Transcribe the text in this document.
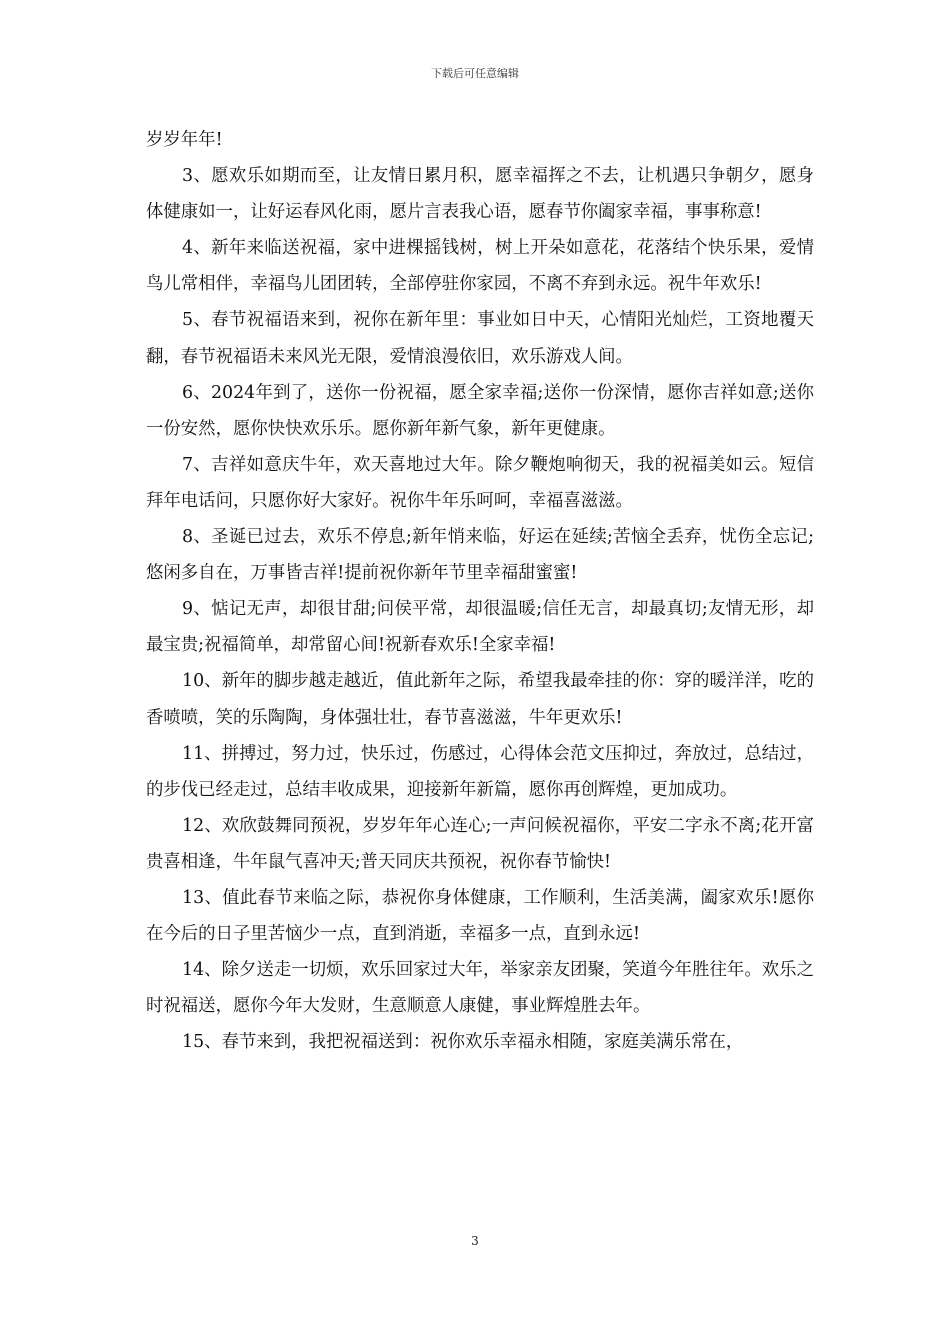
下载后可任意编辑

岁岁年年!

3、愿欢乐如期而至，让友情日累月积，愿幸福挥之不去，让机遇只争朝夕，愿身体健康如一，让好运春风化雨，愿片言表我心语，愿春节你阖家幸福，事事称意!

4、新年来临送祝福，家中进棵摇钱树，树上开朵如意花，花落结个快乐果，爱情鸟儿常相伴，幸福鸟儿团团转，全部停驻你家园，不离不弃到永远。祝牛年欢乐!

5、春节祝福语来到，祝你在新年里：事业如日中天，心情阳光灿烂，工资地覆天翻，春节祝福语未来风光无限，爱情浪漫依旧，欢乐游戏人间。

6、2024年到了，送你一份祝福，愿全家幸福;送你一份深情，愿你吉祥如意;送你一份安然，愿你快快欢乐乐。愿你新年新气象，新年更健康。

7、吉祥如意庆牛年，欢天喜地过大年。除夕鞭炮响彻天，我的祝福美如云。短信拜年电话问，只愿你好大家好。祝你牛年乐呵呵，幸福喜滋滋。

8、圣诞已过去，欢乐不停息;新年悄来临，好运在延续;苦恼全丢弃，忧伤全忘记;悠闲多自在，万事皆吉祥!提前祝你新年节里幸福甜蜜蜜!

9、惦记无声，却很甘甜;问侯平常，却很温暖;信任无言，却最真切;友情无形，却最宝贵;祝福简单，却常留心间!祝新春欢乐!全家幸福!

10、新年的脚步越走越近，值此新年之际，希望我最牵挂的你：穿的暖洋洋，吃的香喷喷，笑的乐陶陶，身体强壮壮，春节喜滋滋，牛年更欢乐!

11、拼搏过，努力过，快乐过，伤感过，心得体会范文压抑过，奔放过，总结过，的步伐已经走过，总结丰收成果，迎接新年新篇，愿你再创辉煌，更加成功。

12、欢欣鼓舞同预祝，岁岁年年心连心;一声问候祝福你，平安二字永不离;花开富贵喜相逢，牛年鼠气喜冲天;普天同庆共预祝，祝你春节愉快!

13、值此春节来临之际，恭祝你身体健康，工作顺利，生活美满，阖家欢乐!愿你在今后的日子里苦恼少一点，直到消逝，幸福多一点，直到永远!

14、除夕送走一切烦，欢乐回家过大年，举家亲友团聚，笑道今年胜往年。欢乐之时祝福送，愿你今年大发财，生意顺意人康健，事业辉煌胜去年。

15、春节来到，我把祝福送到：祝你欢乐幸福永相随，家庭美满乐常在，

3
